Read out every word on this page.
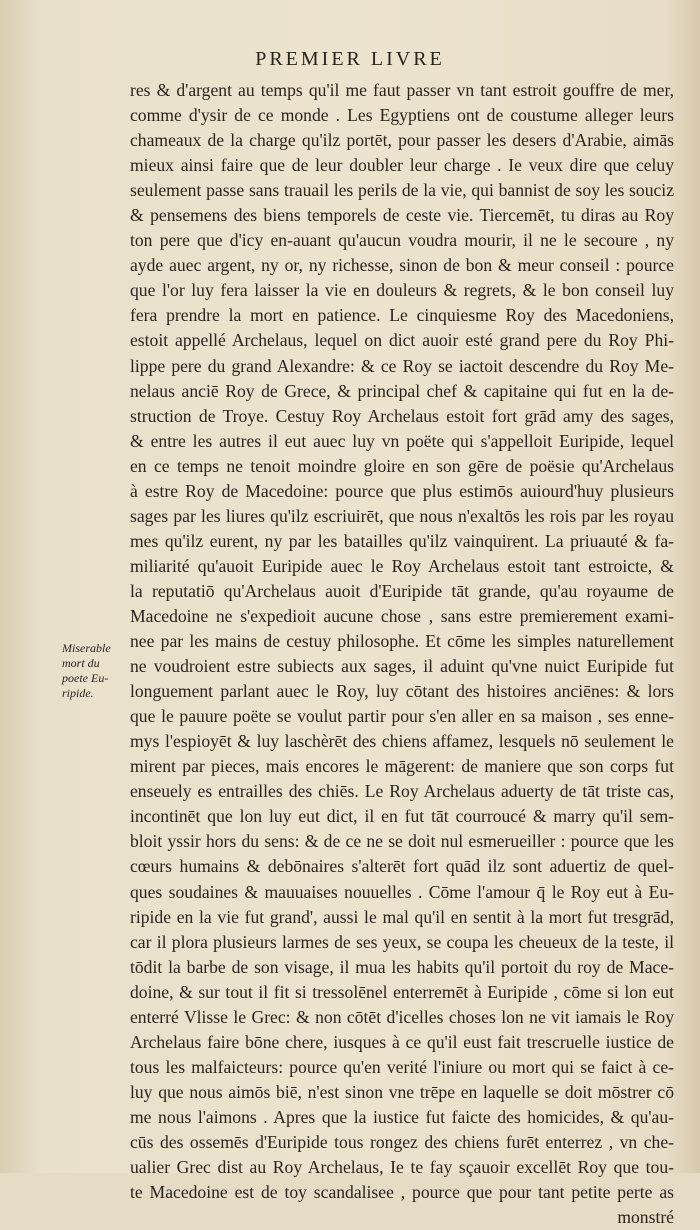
PREMIER LIVRE
Miserable
mort du
poete Eu-
ripide.
res & d'argent au temps qu'il me faut passer vn tant estroit gouffre de mer,
comme d'ysir de ce monde . Les Egyptiens ont de coustume alleger leurs
chameaux de la charge qu'ilz portēt, pour passer les desers d'Arabie, aimās
mieux ainsi faire que de leur doubler leur charge . Ie veux dire que celuy
seulement passe sans trauail les perils de la vie, qui bannist de soy les souciz
& pensemens des biens temporels de ceste vie. Tiercemēt, tu diras au Roy
ton pere que d'icy en-auant qu'aucun voudra mourir, il ne le secoure , ny
ayde auec argent, ny or, ny richesse, sinon de bon & meur conseil : pource
que l'or luy fera laisser la vie en douleurs & regrets, & le bon conseil luy
fera prendre la mort en patience. Le cinquiesme Roy des Macedoniens,
estoit appellé Archelaus, lequel on dict auoir esté grand pere du Roy Phi-
lippe pere du grand Alexandre: & ce Roy se iactoit descendre du Roy Me-
nelaus anciē Roy de Grece, & principal chef & capitaine qui fut en la de-
struction de Troye. Cestuy Roy Archelaus estoit fort grād amy des sages,
& entre les autres il eut auec luy vn poëte qui s'appelloit Euripide, lequel
en ce temps ne tenoit moindre gloire en son gēre de poësie qu'Archelaus
à estre Roy de Macedoine: pource que plus estimōs auiourd'huy plusieurs
sages par les liures qu'ilz escriuirēt, que nous n'exaltōs les rois par les royau
mes qu'ilz eurent, ny par les batailles qu'ilz vainquirent. La priuauté & fa-
miliarité qu'auoit Euripide auec le Roy Archelaus estoit tant estroicte, &
la reputatiō qu'Archelaus auoit d'Euripide tāt grande, qu'au royaume de
Macedoine ne s'expedioit aucune chose , sans estre premierement exami-
nee par les mains de cestuy philosophe. Et cōme les simples naturellement
ne voudroient estre subiects aux sages, il aduint qu'vne nuict Euripide fut
longuement parlant auec le Roy, luy cōtant des histoires anciēnes: & lors
que le pauure poëte se voulut partir pour s'en aller en sa maison , ses enne-
mys l'espioyēt & luy laschèrēt des chiens affamez, lesquels nō seulement le
mirent par pieces, mais encores le māgerent: de maniere que son corps fut
enseuely es entrailles des chiēs. Le Roy Archelaus aduerty de tāt triste cas,
incontinēt que lon luy eut dict, il en fut tāt courroucé & marry qu'il sem-
bloit yssir hors du sens: & de ce ne se doit nul esmerueiller : pource que les
cœurs humains & debōnaires s'alterēt fort quād ilz sont aduertiz de quel-
ques soudaines & mauuaises nouuelles . Cōme l'amour q̄ le Roy eut à Eu-
ripide en la vie fut grand', aussi le mal qu'il en sentit à la mort fut tresgrād,
car il plora plusieurs larmes de ses yeux, se coupa les cheueux de la teste, il
tōdit la barbe de son visage, il mua les habits qu'il portoit du roy de Mace-
doine, & sur tout il fit si tressolēnel enterremēt à Euripide , cōme si lon eut
enterré Vlisse le Grec: & non cōtēt d'icelles choses lon ne vit iamais le Roy
Archelaus faire bōne chere, iusques à ce qu'il eust fait trescruelle iustice de
tous les malfaicteurs: pource qu'en verité l'iniure ou mort qui se faict à ce-
luy que nous aimōs biē, n'est sinon vne trēpe en laquelle se doit mōstrer cō
me nous l'aimons . Apres que la iustice fut faicte des homicides, & qu'au-
cūs des ossemēs d'Euripide tous rongez des chiens furēt enterrez , vn che-
ualier Grec dist au Roy Archelaus, Ie te fay sçauoir excellēt Roy que tou-
te Macedoine est de toy scandalisee , pource que pour tant petite perte as
monstré
